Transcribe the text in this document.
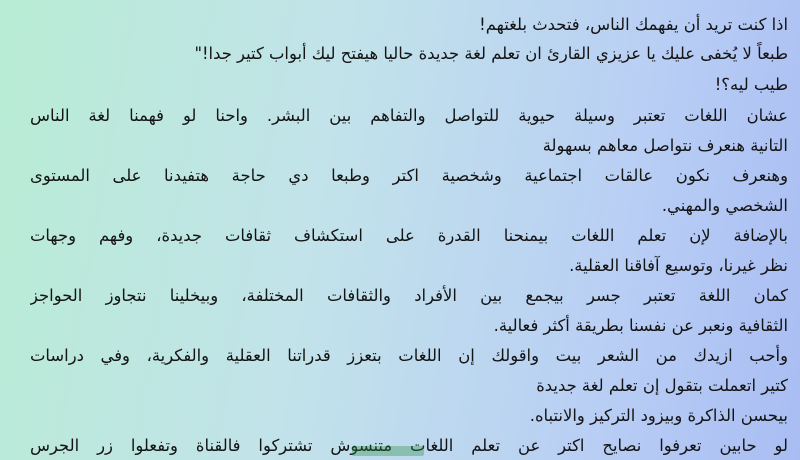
اذا كنت تريد أن يفهمك الناس، فتحدث بلغتهم!
طبعاً لا يُخفى عليك يا عزيزي القارئ ان تعلم لغة جديدة حاليا هيفتح ليك أبواب كتير جدا!"
طيب ليه؟!
عشان اللغات تعتبر وسيلة حيوية للتواصل والتفاهم بين البشر. واحنا لو فهمنا لغة الناس
التانية هنعرف نتواصل معاهم بسهولة
وهنعرف نكون عالقات اجتماعية وشخصية اكتر وطبعا دي حاجة هتفيدنا على المستوى
الشخصي والمهني.
بالإضافة لإن تعلم اللغات بيمنحنا القدرة على استكشاف ثقافات جديدة، وفهم وجهات
نظر غيرنا، وتوسيع آفاقنا العقلية.
كمان اللغة تعتبر جسر بيجمع بين الأفراد والثقافات المختلفة، وبيخلينا نتجاوز الحواجز
الثقافية ونعبر عن نفسنا بطريقة أكثر فعالية.
وأحب ازيدك من الشعر بيت واقولك إن اللغات بتعزز قدراتنا العقلية والفكرية، وفي دراسات
كتير اتعملت بتقول إن تعلم لغة جديدة
بيحسن الذاكرة وبيزود التركيز والانتباه.
لو حابين تعرفوا نصايح اكتر عن تعلم اللغات متنسوش تشتركوا فالقناة وتفعلوا زر الجرس
